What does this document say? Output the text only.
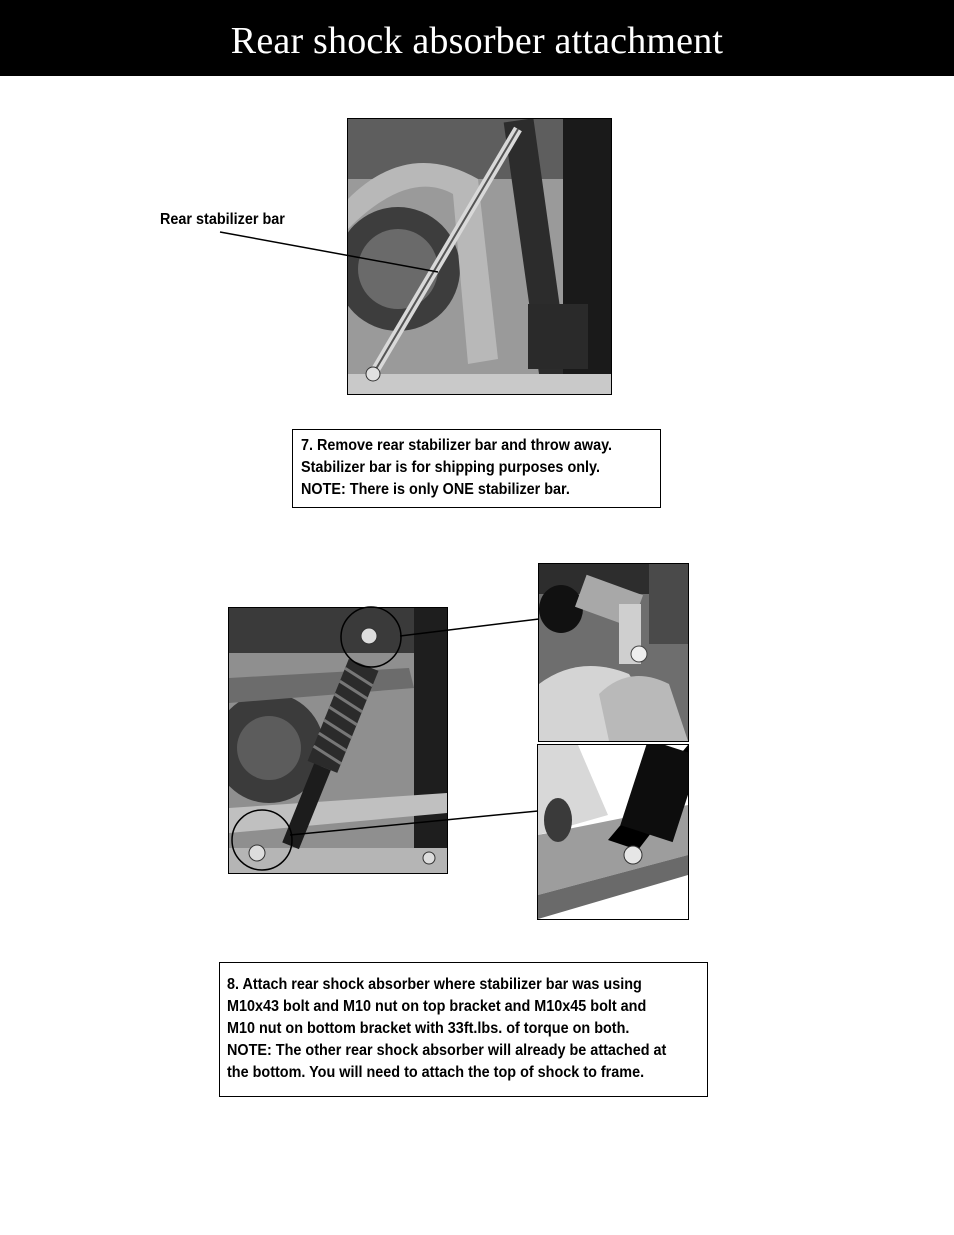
Rear shock absorber attachment
Rear stabilizer bar
7. Remove rear stabilizer bar and throw away.
Stabilizer bar is for shipping purposes only.
NOTE: There is only ONE stabilizer bar.
8. Attach rear shock absorber where stabilizer bar was using
M10x43 bolt and M10 nut on top bracket and M10x45 bolt and
M10 nut on bottom bracket with 33ft.lbs. of torque on both.
NOTE: The other rear shock absorber will already be attached at
the bottom. You will need to attach the top of shock to frame.
